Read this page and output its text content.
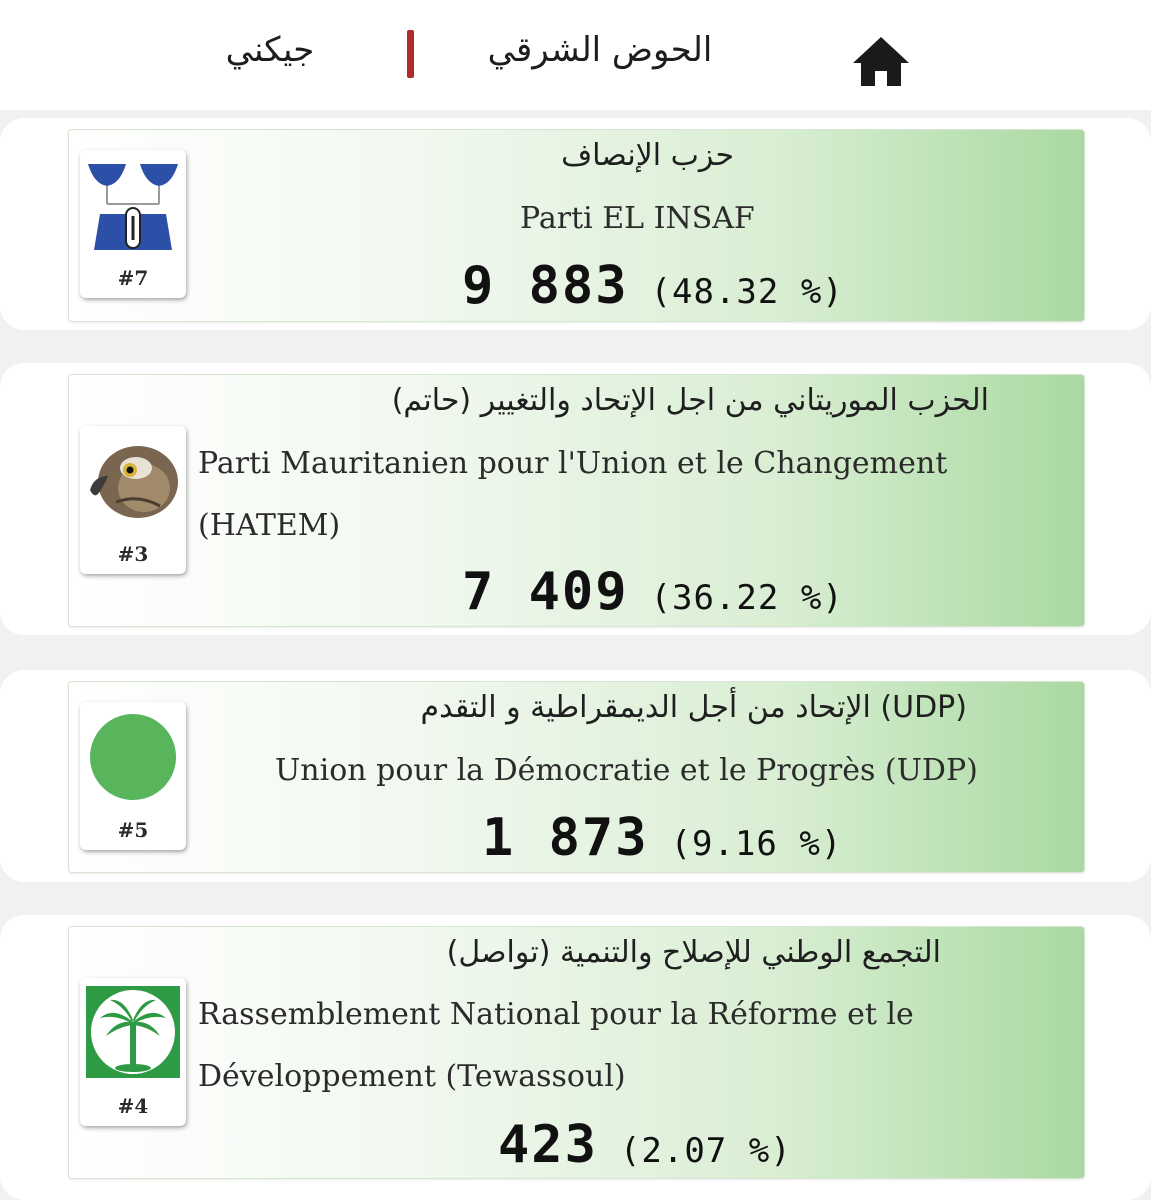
جيكني	الحوض الشرقي
#7
حزب الإنصاف
Parti EL INSAF
9 883 (48.32 %)
#3
الحزب الموريتاني من اجل الإتحاد والتغيير (حاتم)
Parti Mauritanien pour l'Union et le Changement (HATEM)
7 409 (36.22 %)
#5
(UDP) الإتحاد من أجل الديمقراطية و التقدم
Union pour la Démocratie et le Progrès (UDP)
1 873 (9.16 %)
#4
التجمع الوطني للإصلاح والتنمية (تواصل)
Rassemblement National pour la Réforme et le Développement (Tewassoul)
423 (2.07 %)
